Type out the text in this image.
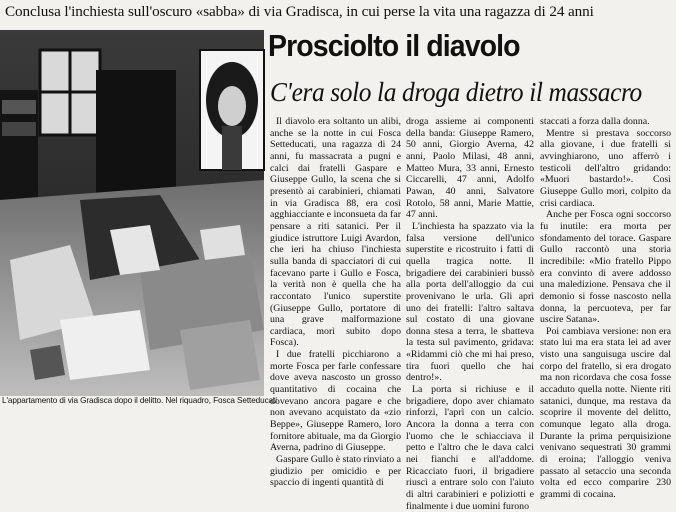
Conclusa l'inchiesta sull'oscuro «sabba» di via Gradisca, in cui perse la vita una ragazza di 24 anni
L'appartamento di via Gradisca dopo il delitto. Nel riquadro, Fosca Setteducati
Prosciolto il diavolo
C'era solo la droga dietro il massacro

Il diavolo era soltanto un alibi, anche se la notte in cui Fosca Setteducati, una ragazza di 24 anni, fu massacrata a pugni e calci dai fratelli Gaspare e Giuseppe Gullo, la scena che si presentò ai carabinieri, chiamati in via Gradisca 88, era così agghiacciante e inconsueta da far pensare a riti satanici. Per il giudice istruttore Luigi Avardon, che ieri ha chiuso l'inchiesta sulla banda di spacciatori di cui facevano parte i Gullo e Fosca, la verità non è quella che ha raccontato l'unico superstite (Giuseppe Gullo, portatore di una grave malformazione cardiaca, morì subito dopo Fosca).

I due fratelli picchiarono a morte Fosca per farle confessare dove aveva nascosto un grosso quantitativo di cocaina che dovevano ancora pagare e che non avevano acquistato da «zio Beppe», Giuseppe Ramero, loro fornitore abituale, ma da Giorgio Averna, padrino di Giuseppe.

Gaspare Gullo è stato rinviato a giudizio per omicidio e per spaccio di ingenti quantità di

droga assieme ai componenti della banda: Giuseppe Ramero, 50 anni, Giorgio Averna, 42 anni, Paolo Milasi, 48 anni, Matteo Mura, 33 anni, Ernesto Ciccarelli, 47 anni, Adolfo Pawan, 40 anni, Salvatore Rotolo, 58 anni, Marie Mattie, 47 anni.

L'inchiesta ha spazzato via la falsa versione dell'unico superstite e ricostruito i fatti di quella tragica notte. Il brigadiere dei carabinieri bussò alla porta dell'alloggio da cui provenivano le urla. Gli aprì uno dei fratelli: l'altro saltava sul costato di una giovane donna stesa a terra, le sbatteva la testa sul pavimento, gridava: «Ridammi ciò che mi hai preso, tira fuori quello che hai dentro!».

La porta si richiuse e il brigadiere, dopo aver chiamato rinforzi, l'aprì con un calcio. Ancora la donna a terra con l'uomo che le schiacciava il petto e l'altro che le dava calci nei fianchi e all'addome. Ricacciato fuori, il brigadiere riuscì a entrare solo con l'aiuto di altri carabinieri e poliziotti e finalmente i due uomini furono

staccati a forza dalla donna.

Mentre si prestava soccorso alla giovane, i due fratelli si avvinghiarono, uno afferrò i testicoli dell'altro gridando: «Muori bastardo!». Così Giuseppe Gullo morì, colpito da crisi cardiaca.

Anche per Fosca ogni soccorso fu inutile: era morta per sfondamento del torace. Gaspare Gullo raccontò una storia incredibile: «Mio fratello Pippo era convinto di avere addosso una maledizione. Pensava che il demonio si fosse nascosto nella donna, la percuoteva, per far uscire Satana».

Poi cambiava versione: non era stato lui ma era stata lei ad aver visto una sanguisuga uscire dal corpo del fratello, si era drogato ma non ricordava che cosa fosse accaduto quella notte. Niente riti satanici, dunque, ma restava da scoprire il movente del delitto, comunque legato alla droga. Durante la prima perquisizione venivano sequestrati 30 grammi di eroina; l'alloggio veniva passato al setaccio una seconda volta ed ecco comparire 230 grammi di cocaina.
